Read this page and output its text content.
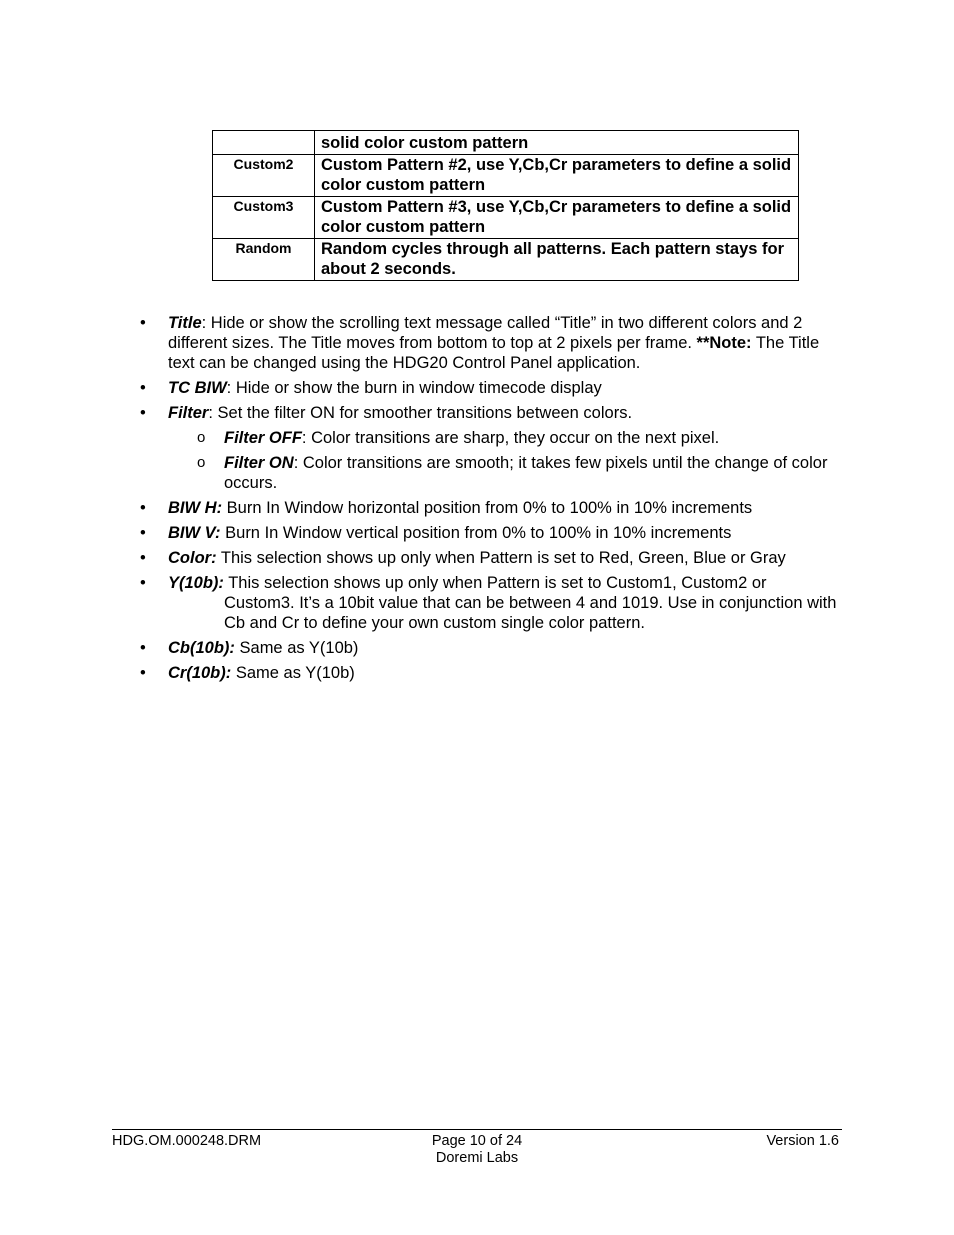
	solid color custom pattern
Custom2	Custom Pattern #2, use Y,Cb,Cr parameters to define a solid color custom pattern
Custom3	Custom Pattern #3, use Y,Cb,Cr parameters to define a solid color custom pattern
Random	Random cycles through all patterns. Each pattern stays for about 2 seconds.
• Title: Hide or show the scrolling text message called “Title” in two different colors and 2 different sizes. The Title moves from bottom to top at 2 pixels per frame. **Note: The Title text can be changed using the HDG20 Control Panel application.
• TC BIW: Hide or show the burn in window timecode display
• Filter: Set the filter ON for smoother transitions between colors.
o Filter OFF: Color transitions are sharp, they occur on the next pixel.
o Filter ON: Color transitions are smooth; it takes few pixels until the change of color occurs.
• BIW H: Burn In Window horizontal position from 0% to 100% in 10% increments
• BIW V: Burn In Window vertical position from 0% to 100% in 10% increments
• Color: This selection shows up only when Pattern is set to Red, Green, Blue or Gray
• Y(10b): This selection shows up only when Pattern is set to Custom1, Custom2 or
Custom3. It’s a 10bit value that can be between 4 and 1019. Use in conjunction with Cb and Cr to define your own custom single color pattern.
• Cb(10b): Same as Y(10b)
• Cr(10b): Same as Y(10b)
HDG.OM.000248.DRM	Page 10 of 24
Doremi Labs
Version 1.6
